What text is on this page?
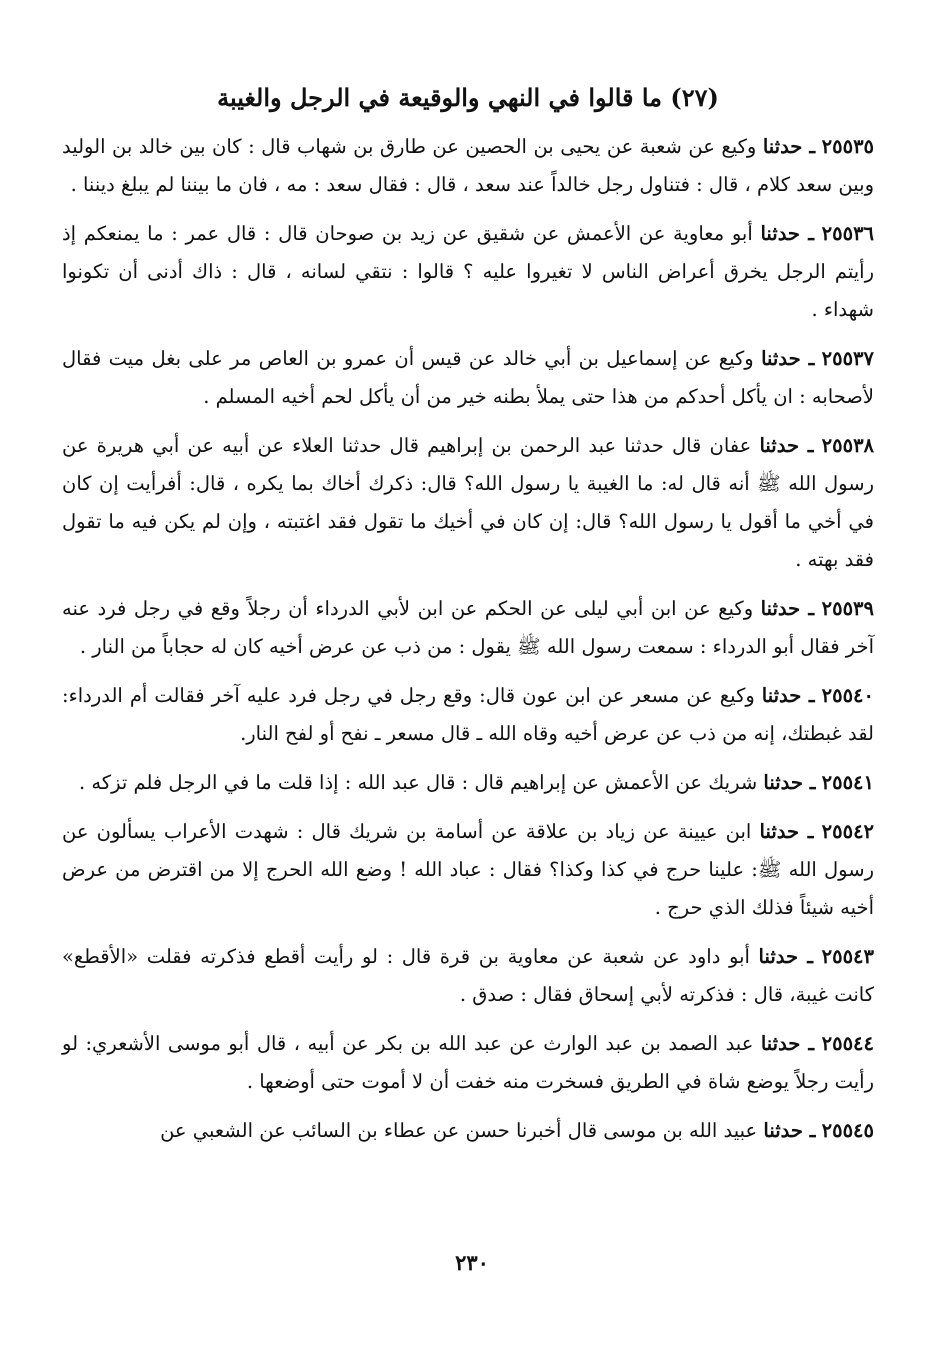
(٢٧) ما قالوا في النهي والوقيعة في الرجل والغيبة

٢٥٥٣٥ ـ حدثنا وكيع عن شعبة عن يحيى بن الحصين عن طارق بن شهاب قال : كان بين خالد بن الوليد وبين سعد كلام ، قال : فتناول رجل خالداً عند سعد ، قال : فقال سعد : مه ، فان ما بيننا لم يبلغ ديننا .

٢٥٥٣٦ ـ حدثنا أبو معاوية عن الأعمش عن شقيق عن زيد بن صوحان قال : قال عمر : ما يمنعكم إذ رأيتم الرجل يخرق أعراض الناس لا تغيروا عليه ؟ قالوا : نتقي لسانه ، قال : ذاك أدنى أن تكونوا شهداء .

٢٥٥٣٧ ـ حدثنا وكيع عن إسماعيل بن أبي خالد عن قيس أن عمرو بن العاص مر على بغل ميت فقال لأصحابه : ان يأكل أحدكم من هذا حتى يملأ بطنه خير من أن يأكل لحم أخيه المسلم .

٢٥٥٣٨ ـ حدثنا عفان قال حدثنا عبد الرحمن بن إبراهيم قال حدثنا العلاء عن أبيه عن أبي هريرة عن رسول الله ﷺ أنه قال له: ما الغيبة يا رسول الله؟ قال: ذكرك أخاك بما يكره ، قال: أفرأيت إن كان في أخي ما أقول يا رسول الله؟ قال: إن كان في أخيك ما تقول فقد اغتبته ، وإن لم يكن فيه ما تقول فقد بهته .

٢٥٥٣٩ ـ حدثنا وكيع عن ابن أبي ليلى عن الحكم عن ابن لأبي الدرداء أن رجلاً وقع في رجل فرد عنه آخر فقال أبو الدرداء : سمعت رسول الله ﷺ يقول : من ذب عن عرض أخيه كان له حجاباً من النار .

٢٥٥٤٠ ـ حدثنا وكيع عن مسعر عن ابن عون قال: وقع رجل في رجل فرد عليه آخر فقالت أم الدرداء: لقد غبطتك، إنه من ذب عن عرض أخيه وقاه الله ـ قال مسعر ـ نفح أو لفح النار.

٢٥٥٤١ ـ حدثنا شريك عن الأعمش عن إبراهيم قال : قال عبد الله : إذا قلت ما في الرجل فلم تزكه .

٢٥٥٤٢ ـ حدثنا ابن عيينة عن زياد بن علاقة عن أسامة بن شريك قال : شهدت الأعراب يسألون عن رسول الله ﷺ: علينا حرج في كذا وكذا؟ فقال : عباد الله ! وضع الله الحرج إلا من اقترض من عرض أخيه شيئاً فذلك الذي حرج .

٢٥٥٤٣ ـ حدثنا أبو داود عن شعبة عن معاوية بن قرة قال : لو رأيت أقطع فذكرته فقلت «الأقطع» كانت غيبة، قال : فذكرته لأبي إسحاق فقال : صدق .

٢٥٥٤٤ ـ حدثنا عبد الصمد بن عبد الوارث عن عبد الله بن بكر عن أبيه ، قال أبو موسى الأشعري: لو رأيت رجلاً يوضع شاة في الطريق فسخرت منه خفت أن لا أموت حتى أوضعها .

٢٥٥٤٥ ـ حدثنا عبيد الله بن موسى قال أخبرنا حسن عن عطاء بن السائب عن الشعبي عن

٢٣٠
